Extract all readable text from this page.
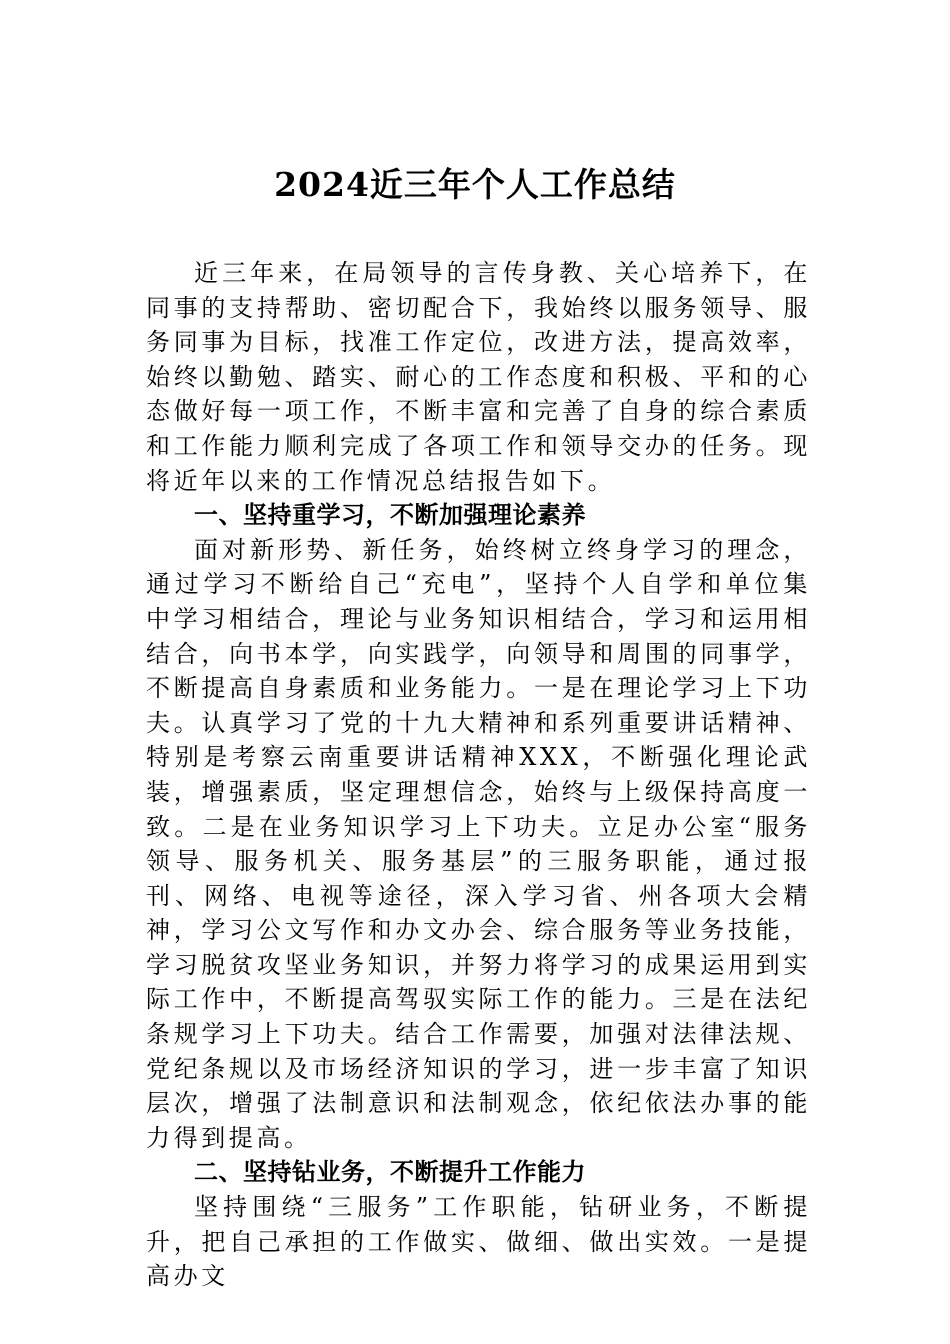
2024近三年个人工作总结

近三年来，在局领导的言传身教、关心培养下，在同事的支持帮助、密切配合下，我始终以服务领导、服务同事为目标，找准工作定位，改进方法，提高效率，始终以勤勉、踏实、耐心的工作态度和积极、平和的心态做好每一项工作，不断丰富和完善了自身的综合素质和工作能力顺利完成了各项工作和领导交办的任务。现将近年以来的工作情况总结报告如下。

一、坚持重学习，不断加强理论素养

面对新形势、新任务，始终树立终身学习的理念，通过学习不断给自己“充电”，坚持个人自学和单位集中学习相结合，理论与业务知识相结合，学习和运用相结合，向书本学，向实践学，向领导和周围的同事学，不断提高自身素质和业务能力。一是在理论学习上下功夫。认真学习了党的十九大精神和系列重要讲话精神、特别是考察云南重要讲话精神XXX，不断强化理论武装，增强素质，坚定理想信念，始终与上级保持高度一致。二是在业务知识学习上下功夫。立足办公室“服务领导、服务机关、服务基层”的三服务职能，通过报刊、网络、电视等途径，深入学习省、州各项大会精神，学习公文写作和办文办会、综合服务等业务技能，学习脱贫攻坚业务知识，并努力将学习的成果运用到实际工作中，不断提高驾驭实际工作的能力。三是在法纪条规学习上下功夫。结合工作需要，加强对法律法规、党纪条规以及市场经济知识的学习，进一步丰富了知识层次，增强了法制意识和法制观念，依纪依法办事的能力得到提高。

二、坚持钻业务，不断提升工作能力

坚持围绕“三服务”工作职能，钻研业务，不断提升，把自己承担的工作做实、做细、做出实效。一是提高办文
